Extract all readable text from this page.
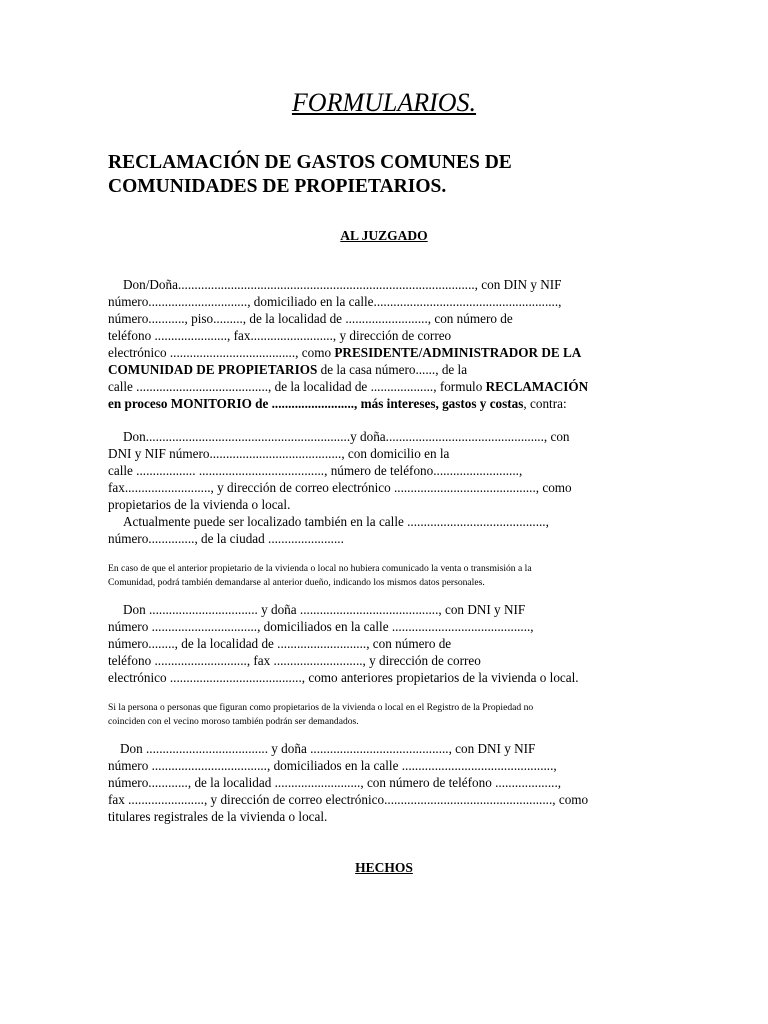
FORMULARIOS.
RECLAMACIÓN DE GASTOS COMUNES DE
COMUNIDADES DE PROPIETARIOS.
AL JUZGADO
Don/Doña.........................................................................................., con DIN y NIF
número.............................., domiciliado en la calle........................................................,
número..........., piso........., de la localidad de ........................., con número de
teléfono ......................, fax........................., y dirección de correo
electrónico ......................................, como PRESIDENTE/ADMINISTRADOR DE LA
COMUNIDAD DE PROPIETARIOS de la casa número......, de la
calle ........................................, de la localidad de ..................., formulo RECLAMACIÓN
en proceso MONITORIO de ........................., más intereses, gastos y costas, contra:
Don..............................................................y doña................................................, con
DNI y NIF número........................................, con domicilio en la
calle .................. ......................................, número de teléfono..........................,
fax.........................., y dirección de correo electrónico ..........................................., como
propietarios de la vivienda o local.
Actualmente puede ser localizado también en la calle ..........................................,
número.............., de la ciudad .......................
En caso de que el anterior propietario de la vivienda o local no hubiera comunicado la venta o transmisión a la
Comunidad, podrá también demandarse al anterior dueño, indicando los mismos datos personales.
Don ................................. y doña .........................................., con DNI y NIF
número ................................, domiciliados en la calle ..........................................,
número........, de la localidad de ..........................., con número de
teléfono ............................, fax ..........................., y dirección de correo
electrónico ........................................, como anteriores propietarios de la vivienda o local.
Si la persona o personas que figuran como propietarios de la vivienda o local en el Registro de la Propiedad no
coinciden con el vecino moroso también podrán ser demandados.
Don ..................................... y doña .........................................., con DNI y NIF
número ..................................., domiciliados en la calle ..............................................,
número............, de la localidad .........................., con número de teléfono ...................,
fax ......................., y dirección de correo electrónico..................................................., como
titulares registrales de la vivienda o local.
HECHOS
